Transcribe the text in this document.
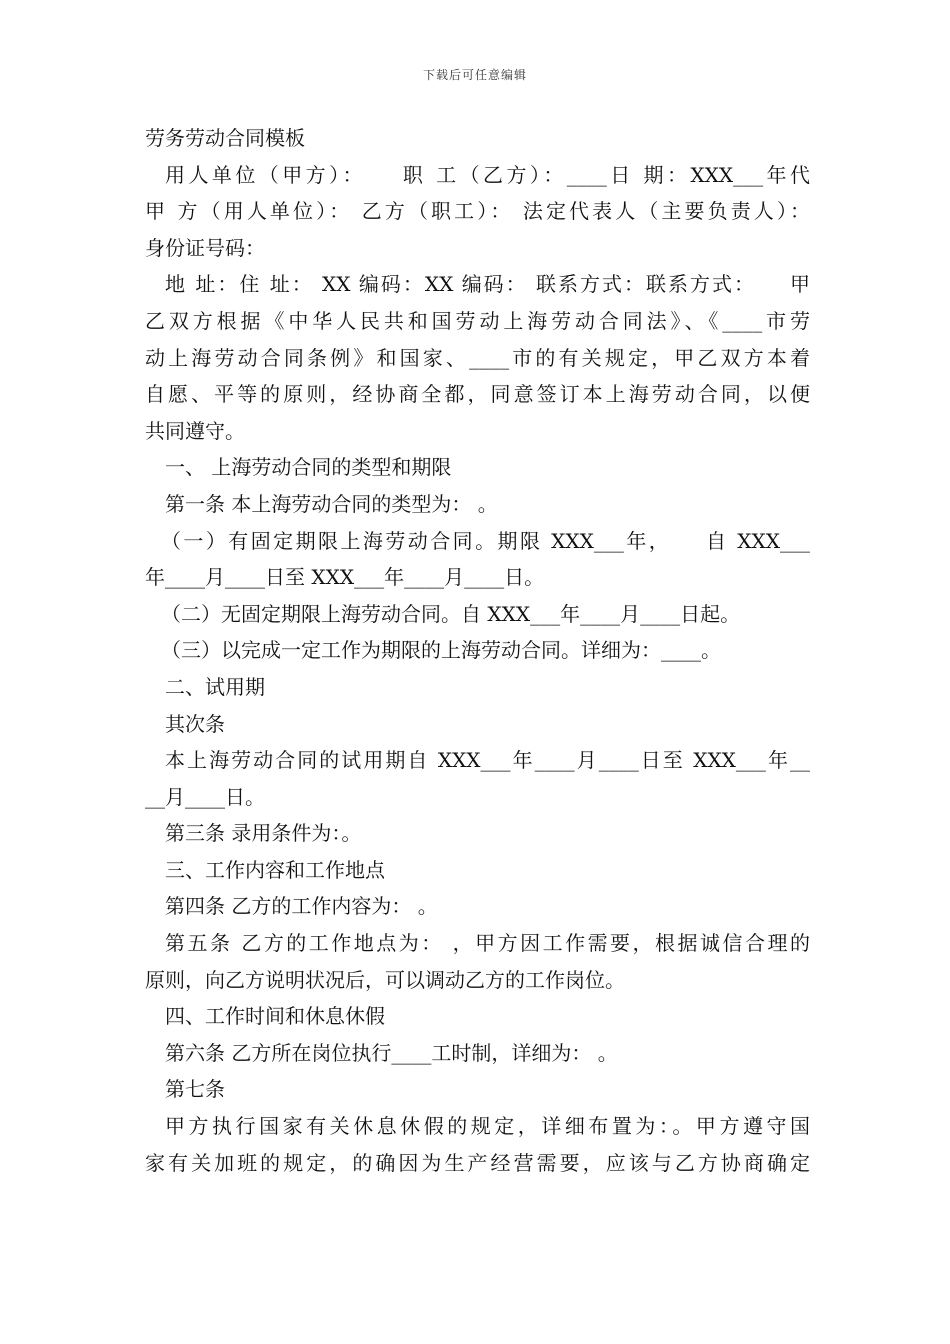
下载后可任意编辑
劳务劳动合同模板
用人单位（甲方）：　　职 工（乙方）：____日 期：XXX___年代
甲 方（用人单位）： 乙方（职工）： 法定代表人（主要负责人）：
身份证号码：
地 址：住 址： XX 编码：XX 编码： 联系方式：联系方式：　　甲
乙双方根据《中华人民共和国劳动上海劳动合同法》、《____市劳
动上海劳动合同条例》和国家、____市的有关规定，甲乙双方本着
自愿、平等的原则，经协商全都，同意签订本上海劳动合同，以便
共同遵守。
一、 上海劳动合同的类型和期限
第一条 本上海劳动合同的类型为： 。
（一）有固定期限上海劳动合同。期限 XXX___年，　　自 XXX___
年____月____日至 XXX___年____月____日。
（二）无固定期限上海劳动合同。自 XXX___年____月____日起。
（三）以完成一定工作为期限的上海劳动合同。详细为：____。
二、试用期
其次条
本上海劳动合同的试用期自 XXX___年____月____日至 XXX___年__
__月____日。
第三条 录用条件为：。
三、工作内容和工作地点
第四条 乙方的工作内容为： 。
第五条 乙方的工作地点为： ，甲方因工作需要，根据诚信合理的
原则，向乙方说明状况后，可以调动乙方的工作岗位。
四、工作时间和休息休假
第六条 乙方所在岗位执行____工时制，详细为： 。
第七条
甲方执行国家有关休息休假的规定，详细布置为：。甲方遵守国
家有关加班的规定，的确因为生产经营需要，应该与乙方协商确定
